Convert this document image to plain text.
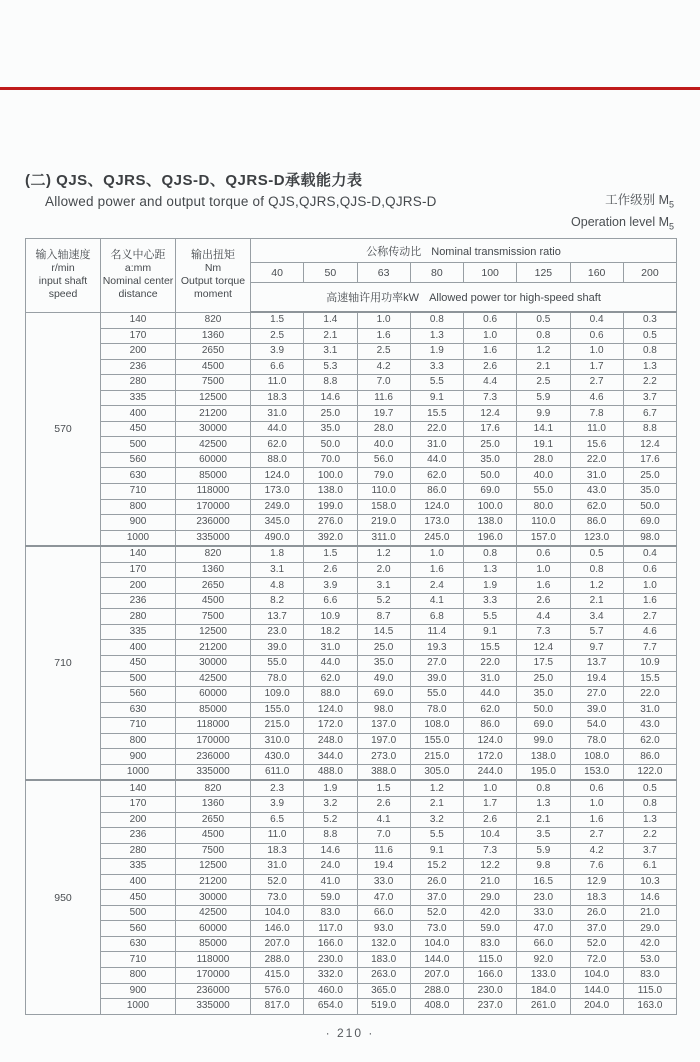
(二) QJS、QJRS、QJS-D、QJRS-D承载能力表
Allowed power and output torque of QJS,QJRS,QJS-D,QJRS-D	工作级别 $M_5$
Operation level $M_5$
输入轴速度
r/min
input shaft
speed

名义中心距
a:mm
Nominal center
distance

输出扭矩
Nm
Output torque
moment
	公称传动比 Nominal transmission ratio
			40	50	63	80	100	125	160	200
			高速轴许用功率kW Allowed power tor high-speed shaft							
570	140	820	1.5	1.4	1.0	0.8	0.6	0.5	0.4	0.3
	170	1360	2.5	2.1	1.6	1.3	1.0	0.8	0.6	0.5
	200	2650	3.9	3.1	2.5	1.9	1.6	1.2	1.0	0.8
	236	4500	6.6	5.3	4.2	3.3	2.6	2.1	1.7	1.3
	280	7500	11.0	8.8	7.0	5.5	4.4	2.5	2.7	2.2
	335	12500	18.3	14.6	11.6	9.1	7.3	5.9	4.6	3.7
	400	21200	31.0	25.0	19.7	15.5	12.4	9.9	7.8	6.7
	450	30000	44.0	35.0	28.0	22.0	17.6	14.1	11.0	8.8
	500	42500	62.0	50.0	40.0	31.0	25.0	19.1	15.6	12.4
	560	60000	88.0	70.0	56.0	44.0	35.0	28.0	22.0	17.6
	630	85000	124.0	100.0	79.0	62.0	50.0	40.0	31.0	25.0
	710	118000	173.0	138.0	110.0	86.0	69.0	55.0	43.0	35.0
	800	170000	249.0	199.0	158.0	124.0	100.0	80.0	62.0	50.0
	900	236000	345.0	276.0	219.0	173.0	138.0	110.0	86.0	69.0
	1000	335000	490.0	392.0	311.0	245.0	196.0	157.0	123.0	98.0
710	140	820	1.8	1.5	1.2	1.0	0.8	0.6	0.5	0.4
	170	1360	3.1	2.6	2.0	1.6	1.3	1.0	0.8	0.6
	200	2650	4.8	3.9	3.1	2.4	1.9	1.6	1.2	1.0
	236	4500	8.2	6.6	5.2	4.1	3.3	2.6	2.1	1.6
	280	7500	13.7	10.9	8.7	6.8	5.5	4.4	3.4	2.7
	335	12500	23.0	18.2	14.5	11.4	9.1	7.3	5.7	4.6
	400	21200	39.0	31.0	25.0	19.3	15.5	12.4	9.7	7.7
	450	30000	55.0	44.0	35.0	27.0	22.0	17.5	13.7	10.9
	500	42500	78.0	62.0	49.0	39.0	31.0	25.0	19.4	15.5
	560	60000	109.0	88.0	69.0	55.0	44.0	35.0	27.0	22.0
	630	85000	155.0	124.0	98.0	78.0	62.0	50.0	39.0	31.0
	710	118000	215.0	172.0	137.0	108.0	86.0	69.0	54.0	43.0
	800	170000	310.0	248.0	197.0	155.0	124.0	99.0	78.0	62.0
	900	236000	430.0	344.0	273.0	215.0	172.0	138.0	108.0	86.0
	1000	335000	611.0	488.0	388.0	305.0	244.0	195.0	153.0	122.0
950	140	820	2.3	1.9	1.5	1.2	1.0	0.8	0.6	0.5
	170	1360	3.9	3.2	2.6	2.1	1.7	1.3	1.0	0.8
	200	2650	6.5	5.2	4.1	3.2	2.6	2.1	1.6	1.3
	236	4500	11.0	8.8	7.0	5.5	10.4	3.5	2.7	2.2
	280	7500	18.3	14.6	11.6	9.1	7.3	5.9	4.2	3.7
	335	12500	31.0	24.0	19.4	15.2	12.2	9.8	7.6	6.1
	400	21200	52.0	41.0	33.0	26.0	21.0	16.5	12.9	10.3
	450	30000	73.0	59.0	47.0	37.0	29.0	23.0	18.3	14.6
	500	42500	104.0	83.0	66.0	52.0	42.0	33.0	26.0	21.0
	560	60000	146.0	117.0	93.0	73.0	59.0	47.0	37.0	29.0
	630	85000	207.0	166.0	132.0	104.0	83.0	66.0	52.0	42.0
	710	118000	288.0	230.0	183.0	144.0	115.0	92.0	72.0	53.0
	800	170000	415.0	332.0	263.0	207.0	166.0	133.0	104.0	83.0
	900	236000	576.0	460.0	365.0	288.0	230.0	184.0	144.0	115.0
	1000	335000	817.0	654.0	519.0	408.0	237.0	261.0	204.0	163.0
· 210 ·
